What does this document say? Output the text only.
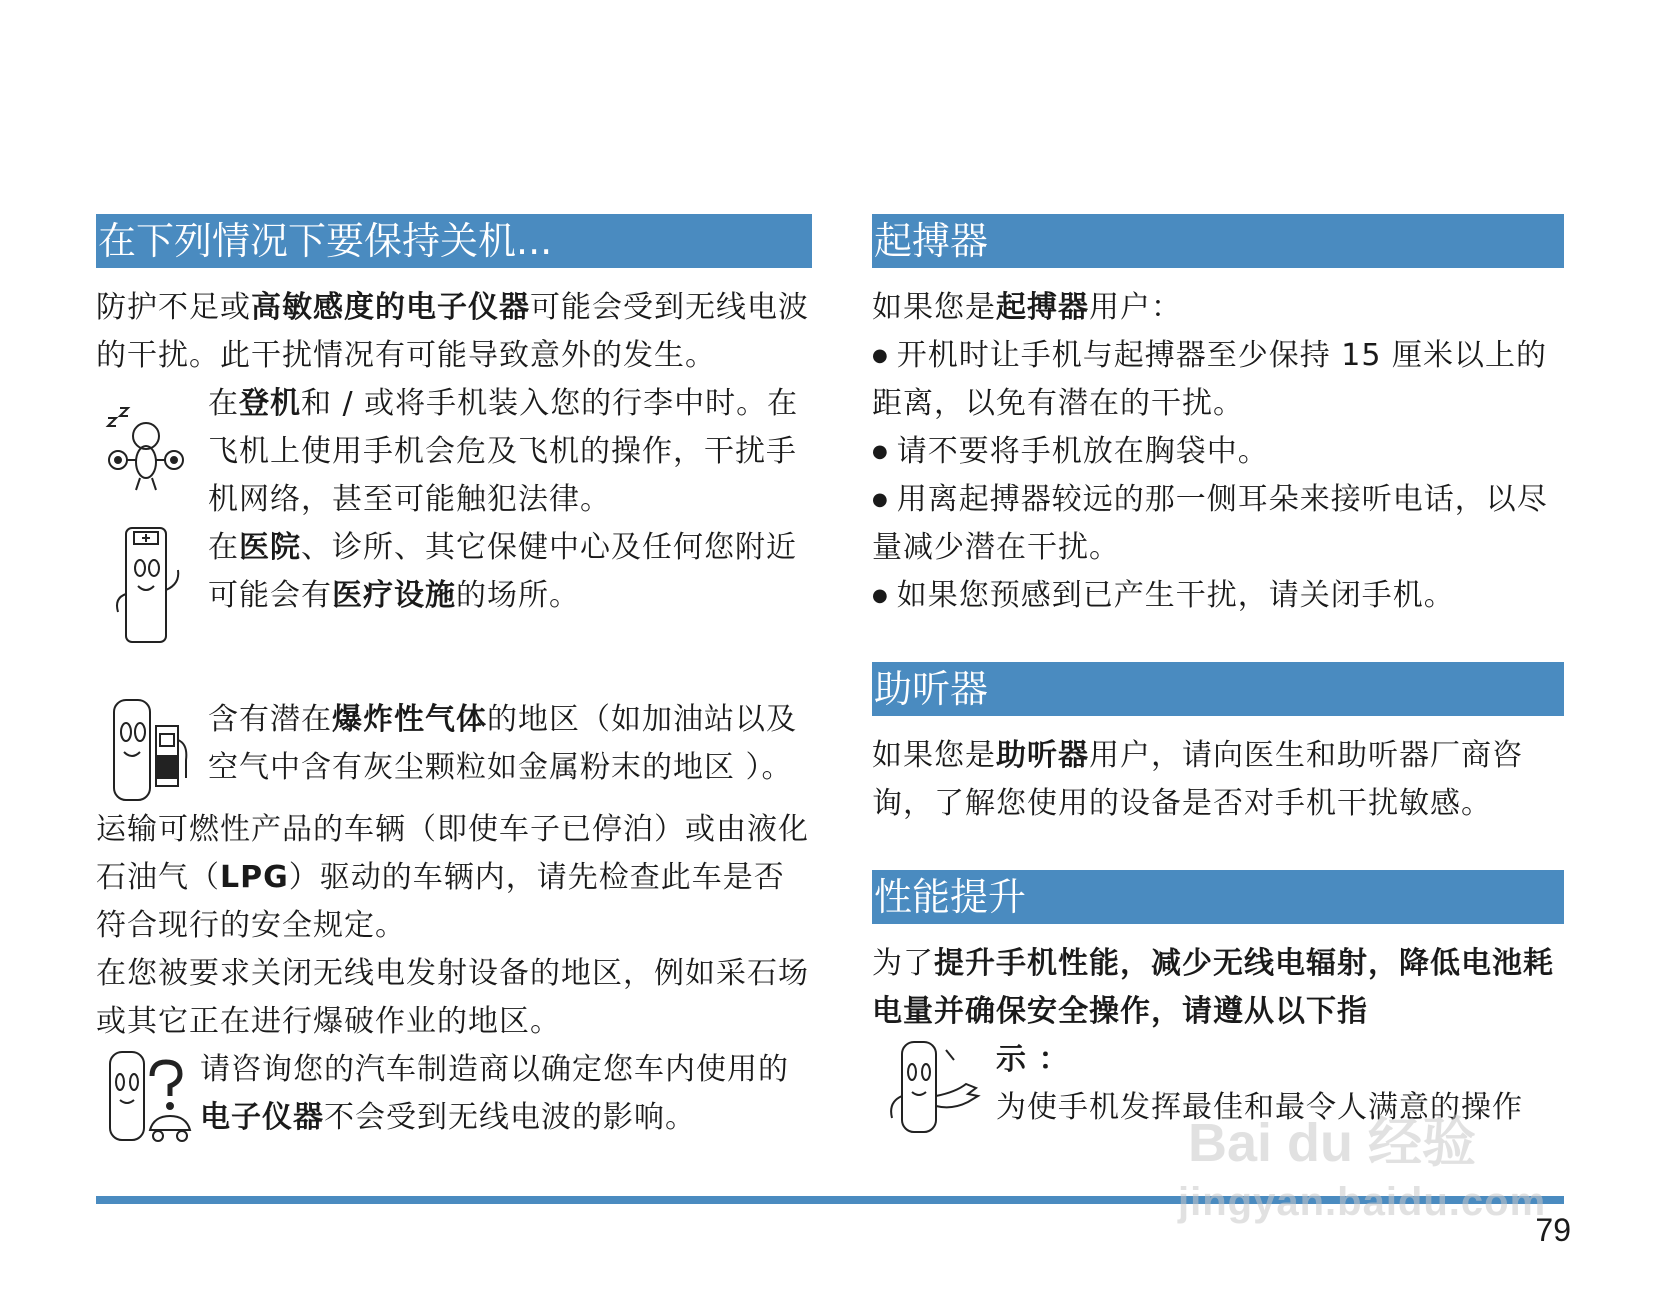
在下列情况下要保持关机...

防护不足或高敏感度的电子仪器可能会受到无线电波的干扰。此干扰情况有可能导致意外的发生。

在登机和 / 或将手机装入您的行李中时。在飞机上使用手机会危及飞机的操作，干扰手机网络，甚至可能触犯法律。

在医院、诊所、其它保健中心及任何您附近可能会有医疗设施的场所。

含有潜在爆炸性气体的地区（如加油站以及空气中含有灰尘颗粒如金属粉末的地区 ）。

运输可燃性产品的车辆（即使车子已停泊）或由液化石油气（LPG）驱动的车辆内，请先检查此车是否符合现行的安全规定。

在您被要求关闭无线电发射设备的地区，例如采石场或其它正在进行爆破作业的地区。

请咨询您的汽车制造商以确定您车内使用的电子仪器不会受到无线电波的影响。

起搏器

如果您是起搏器用户：

● 开机时让手机与起搏器至少保持 15 厘米以上的距离，以免有潜在的干扰。

● 请不要将手机放在胸袋中。

● 用离起搏器较远的那一侧耳朵来接听电话，以尽量减少潜在干扰。

● 如果您预感到已产生干扰，请关闭手机。

助听器

如果您是助听器用户，请向医生和助听器厂商咨询，了解您使用的设备是否对手机干扰敏感。

性能提升

为了提升手机性能，减少无线电辐射，降低电池耗电量并确保安全操作，请遵从以下指

示 ：

为使手机发挥最佳和最令人满意的操作

Bai du 经验
jingyan.baidu.com
79
